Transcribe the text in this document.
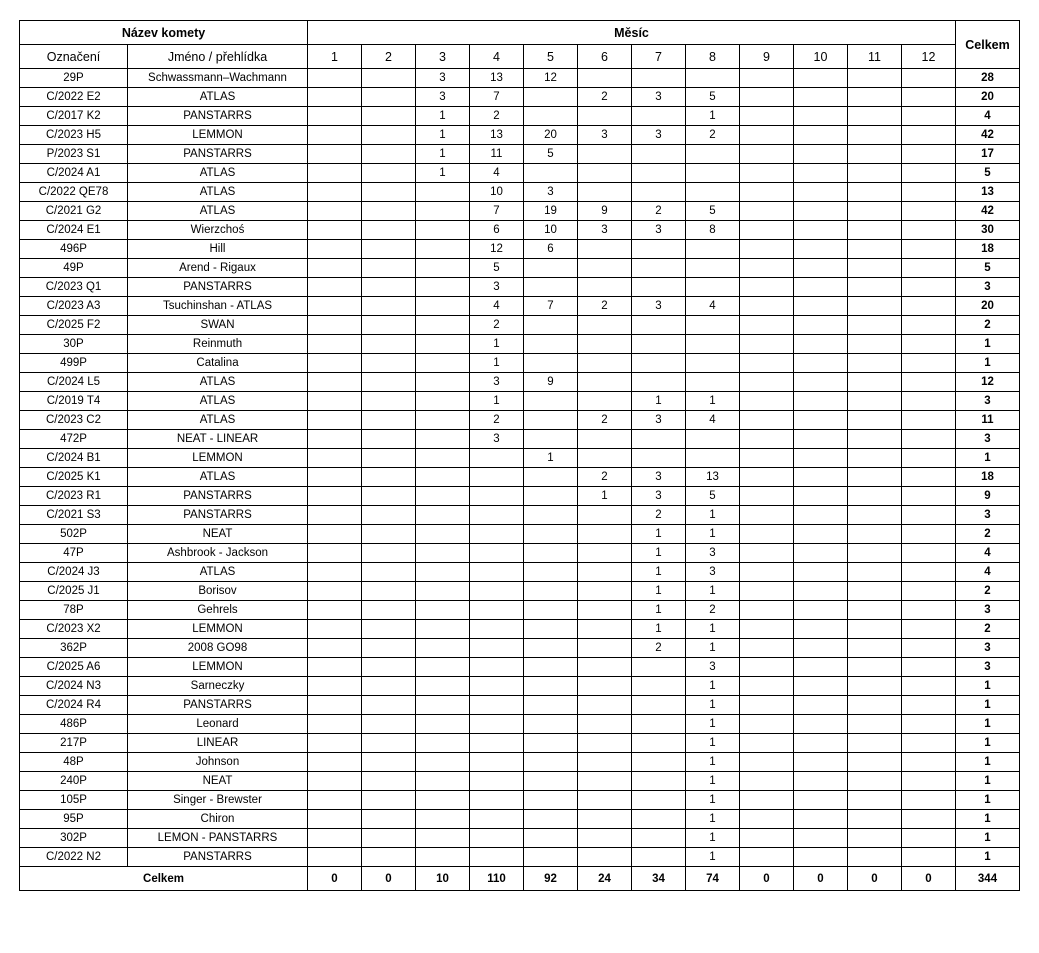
Název komety		Měsíc												Celkem
Označení	Jméno / přehlídka	1	2	3	4	5	6	7	8	9	10	11	12	
29P	Schwassmann–Wachmann			3	13	12								28
C/2022 E2	ATLAS			3	7		2	3	5					20
C/2017 K2	PANSTARRS			1	2				1					4
C/2023 H5	LEMMON			1	13	20	3	3	2					42
P/2023 S1	PANSTARRS			1	11	5								17
C/2024 A1	ATLAS			1	4									5
C/2022 QE78	ATLAS				10	3								13
C/2021 G2	ATLAS				7	19	9	2	5					42
C/2024 E1	Wierzchoś				6	10	3	3	8					30
496P	Hill				12	6								18
49P	Arend - Rigaux				5									5
C/2023 Q1	PANSTARRS				3									3
C/2023 A3	Tsuchinshan - ATLAS				4	7	2	3	4					20
C/2025 F2	SWAN				2									2
30P	Reinmuth				1									1
499P	Catalina				1									1
C/2024 L5	ATLAS				3	9								12
C/2019 T4	ATLAS				1			1	1					3
C/2023 C2	ATLAS				2		2	3	4					11
472P	NEAT - LINEAR				3									3
C/2024 B1	LEMMON					1								1
C/2025 K1	ATLAS						2	3	13					18
C/2023 R1	PANSTARRS						1	3	5					9
C/2021 S3	PANSTARRS							2	1					3
502P	NEAT							1	1					2
47P	Ashbrook - Jackson							1	3					4
C/2024 J3	ATLAS							1	3					4
C/2025 J1	Borisov							1	1					2
78P	Gehrels							1	2					3
C/2023 X2	LEMMON							1	1					2
362P	2008 GO98							2	1					3
C/2025 A6	LEMMON								3					3
C/2024 N3	Sarneczky								1					1
C/2024 R4	PANSTARRS								1					1
486P	Leonard								1					1
217P	LINEAR								1					1
48P	Johnson								1					1
240P	NEAT								1					1
105P	Singer - Brewster								1					1
95P	Chiron								1					1
302P	LEMON - PANSTARRS								1					1
C/2022 N2	PANSTARRS								1					1
Celkem		0	0	10	110	92	24	34	74	0	0	0	0	344
